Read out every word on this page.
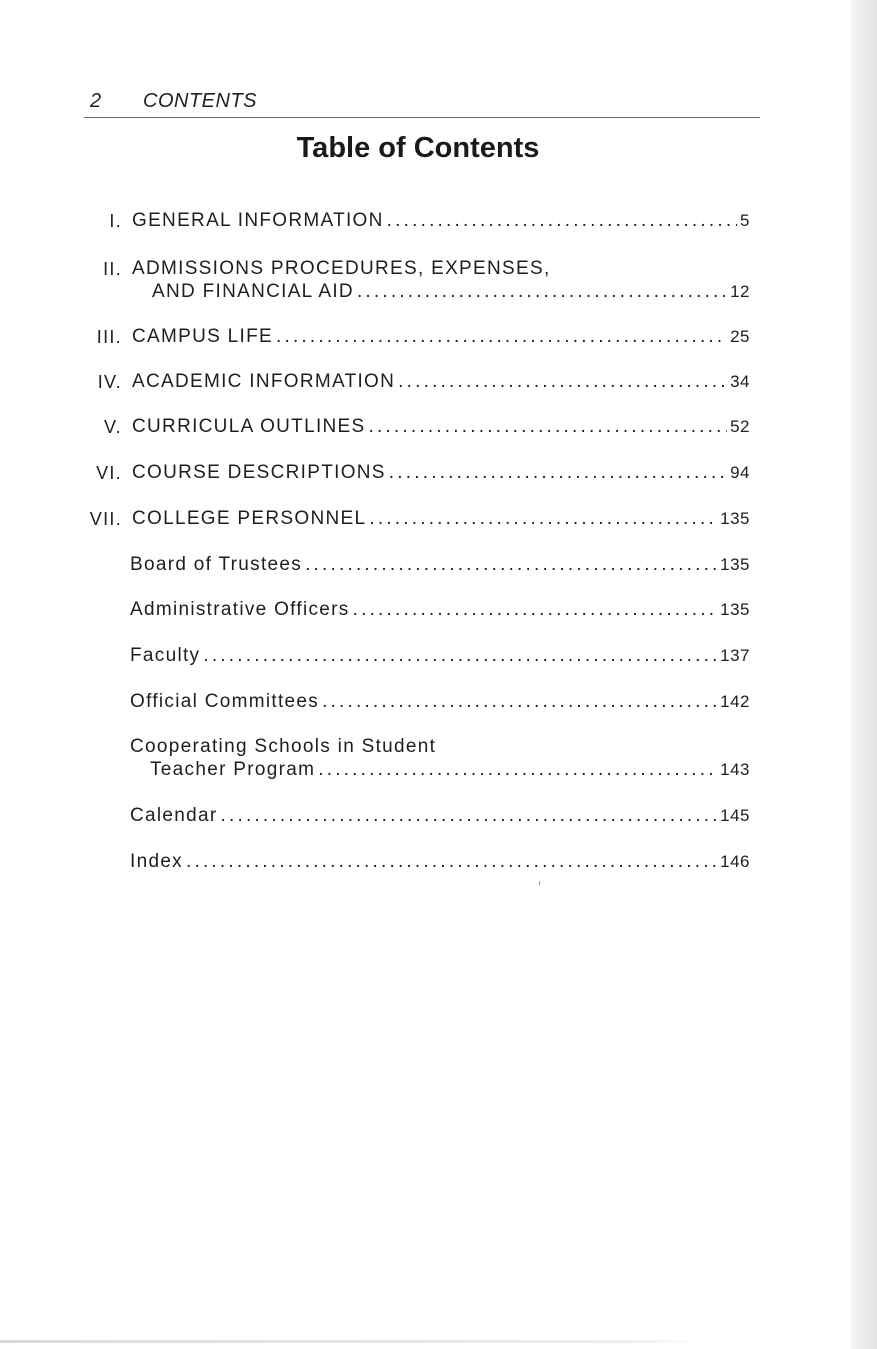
2 CONTENTS
Table of Contents
I. GENERAL INFORMATION .....	5
II. ADMISSIONS PROCEDURES, EXPENSES,
AND FINANCIAL AID .....	12
III. CAMPUS LIFE .....	25
IV. ACADEMIC INFORMATION .....	34
V. CURRICULA OUTLINES .....	52
VI. COURSE DESCRIPTIONS .....	94
VII. COLLEGE PERSONNEL .....	135
Board of Trustees .....	135
Administrative Officers .....	135
Faculty .....	137
Official Committees .....	142
Cooperating Schools in Student
Teacher Program .....	143
Calendar .....	145
Index .....	146
